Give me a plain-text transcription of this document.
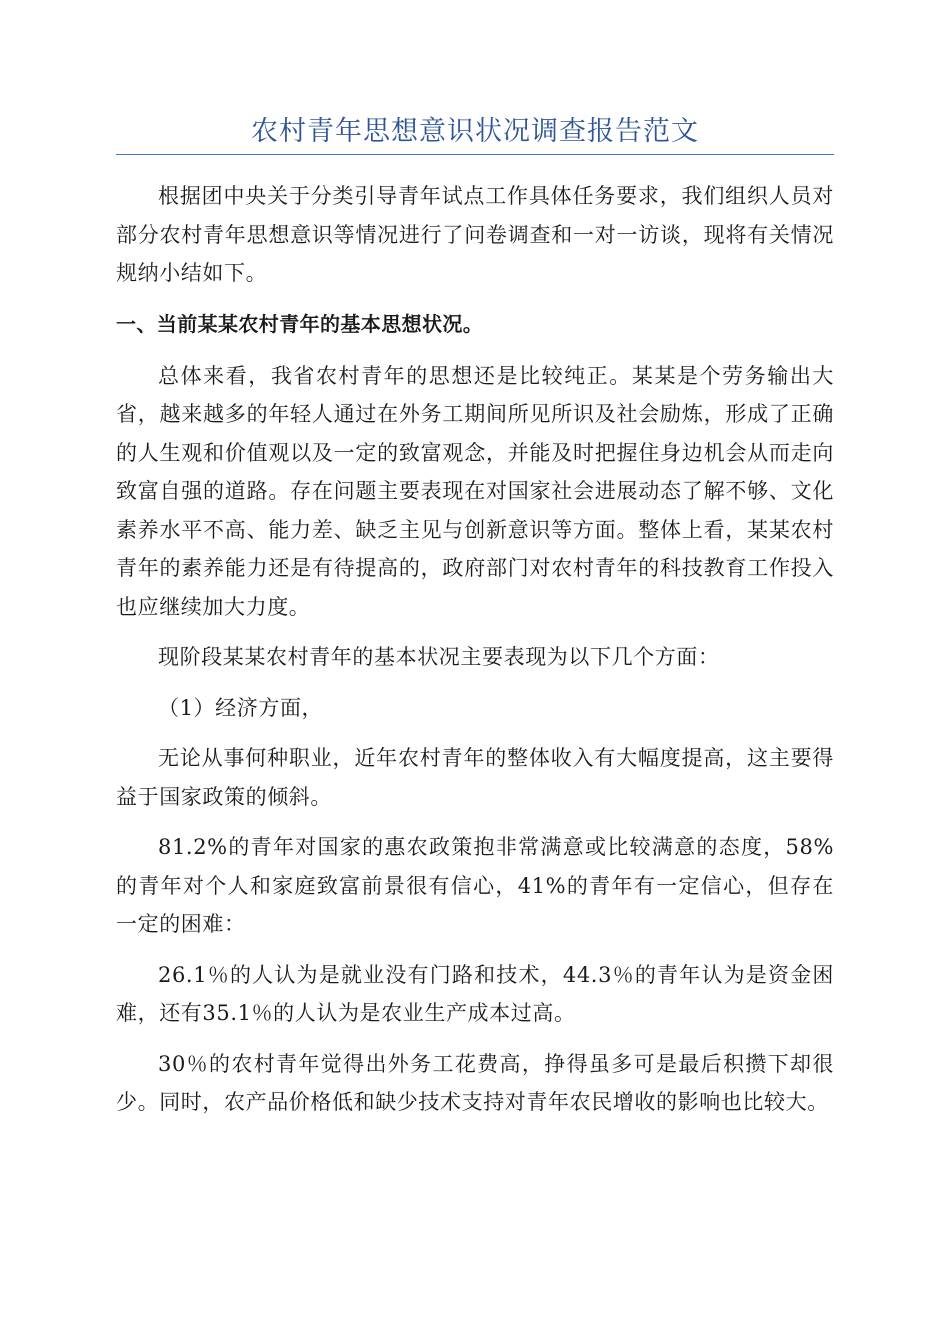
农村青年思想意识状况调查报告范文

根据团中央关于分类引导青年试点工作具体任务要求，我们组织人员对部分农村青年思想意识等情况进行了问卷调查和一对一访谈，现将有关情况规纳小结如下。

一、当前某某农村青年的基本思想状况。

总体来看，我省农村青年的思想还是比较纯正。某某是个劳务输出大省，越来越多的年轻人通过在外务工期间所见所识及社会励炼，形成了正确的人生观和价值观以及一定的致富观念，并能及时把握住身边机会从而走向致富自强的道路。存在问题主要表现在对国家社会进展动态了解不够、文化素养水平不高、能力差、缺乏主见与创新意识等方面。整体上看，某某农村青年的素养能力还是有待提高的，政府部门对农村青年的科技教育工作投入也应继续加大力度。

现阶段某某农村青年的基本状况主要表现为以下几个方面：

（1）经济方面，

无论从事何种职业，近年农村青年的整体收入有大幅度提高，这主要得益于国家政策的倾斜。

81.2%的青年对国家的惠农政策抱非常满意或比较满意的态度，58%的青年对个人和家庭致富前景很有信心，41%的青年有一定信心，但存在一定的困难：

26.1％的人认为是就业没有门路和技术，44.3％的青年认为是资金困难，还有35.1％的人认为是农业生产成本过高。

30％的农村青年觉得出外务工花费高，挣得虽多可是最后积攒下却很少。同时，农产品价格低和缺少技术支持对青年农民增收的影响也比较大。
